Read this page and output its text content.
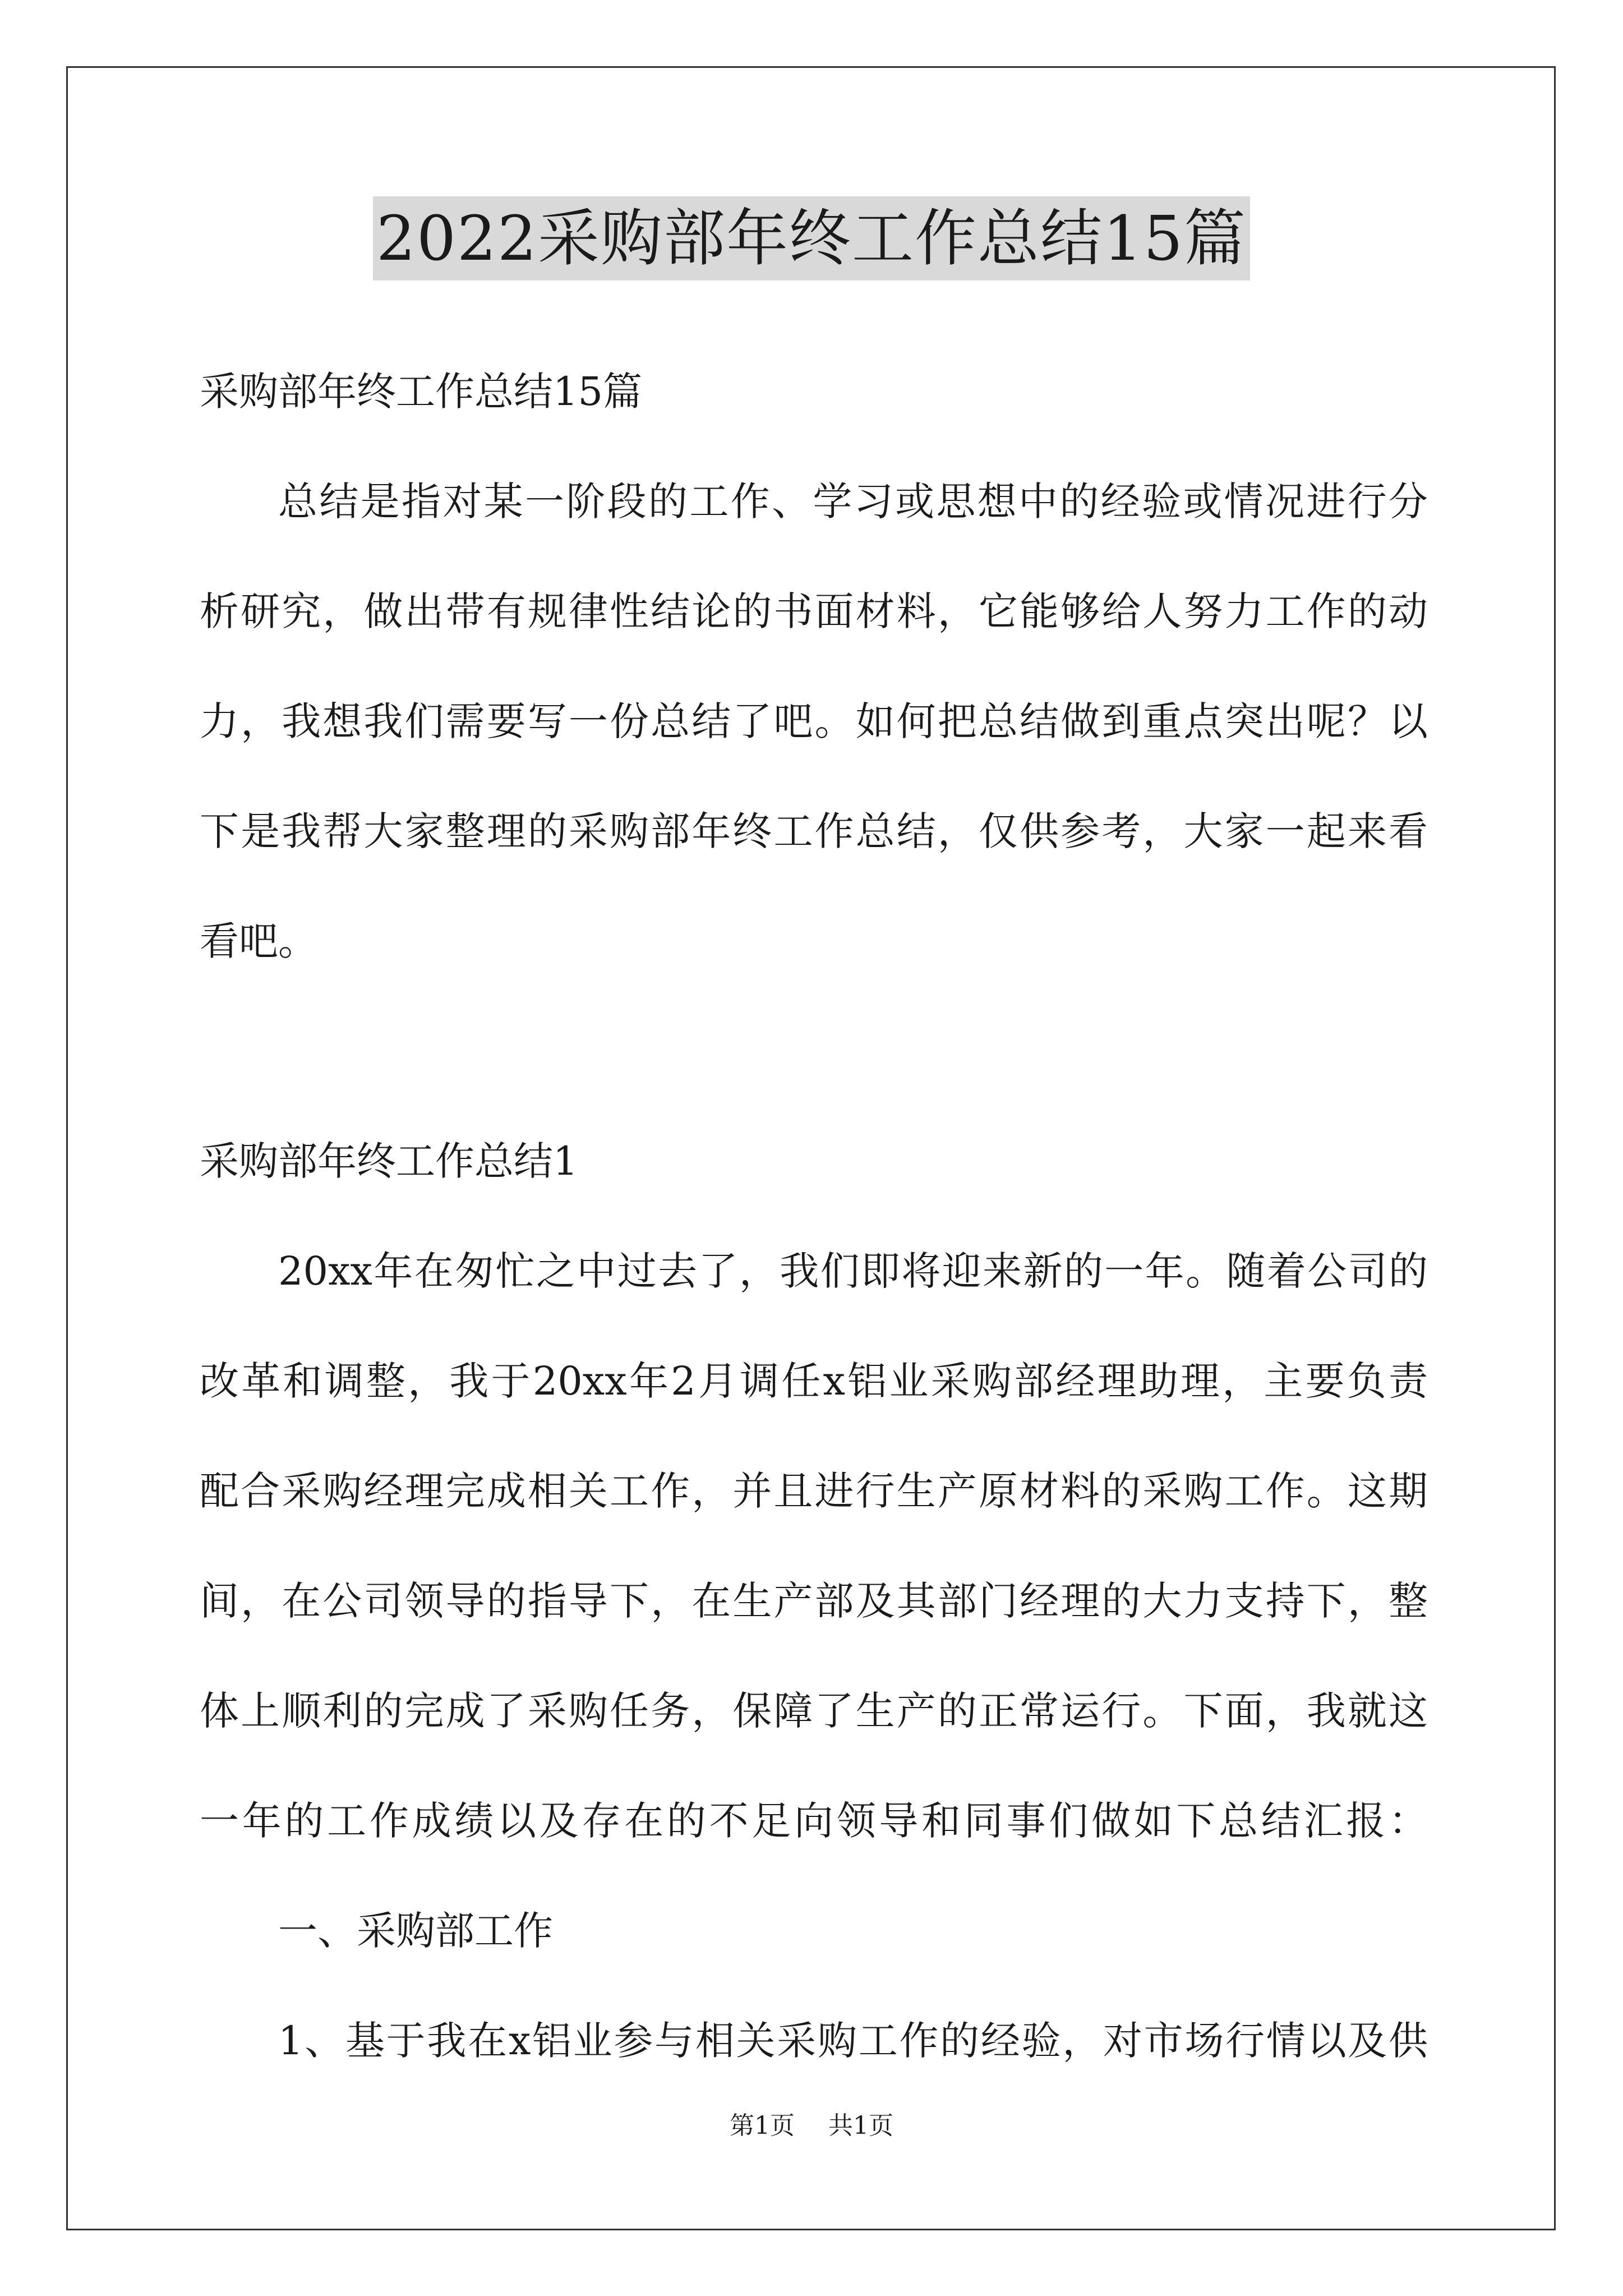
2022采购部年终工作总结15篇
采购部年终工作总结15篇
总结是指对某一阶段的工作、学习或思想中的经验或情况进行分
析研究，做出带有规律性结论的书面材料，它能够给人努力工作的动
力，我想我们需要写一份总结了吧。如何把总结做到重点突出呢？以
下是我帮大家整理的采购部年终工作总结，仅供参考，大家一起来看
看吧。
采购部年终工作总结1
20xx年在匆忙之中过去了，我们即将迎来新的一年。随着公司的
改革和调整，我于20xx年2月调任x铝业采购部经理助理，主要负责
配合采购经理完成相关工作，并且进行生产原材料的采购工作。这期
间，在公司领导的指导下，在生产部及其部门经理的大力支持下，整
体上顺利的完成了采购任务，保障了生产的正常运行。下面，我就这
一年的工作成绩以及存在的不足向领导和同事们做如下总结汇报：
一、采购部工作
1、基于我在x铝业参与相关采购工作的经验，对市场行情以及供
第1页 共1页
